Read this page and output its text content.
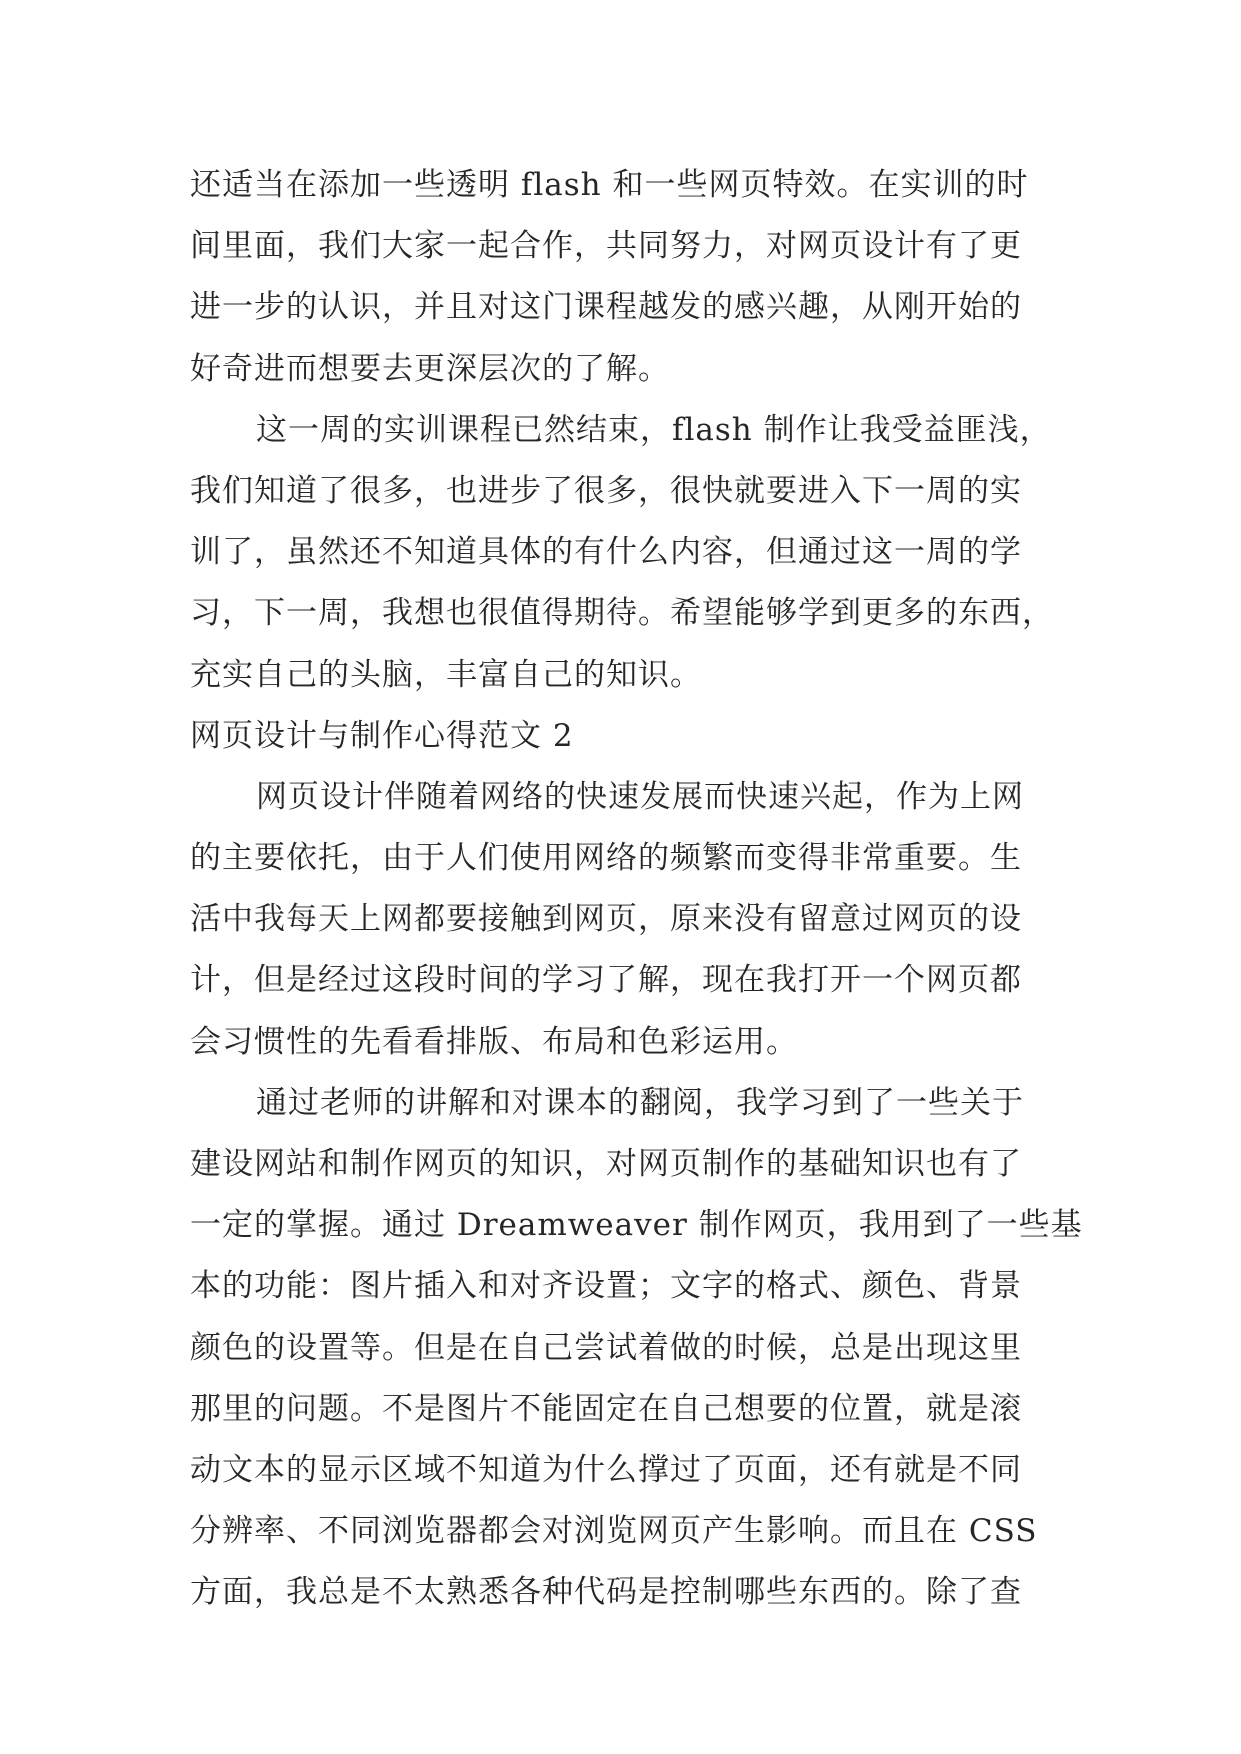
还适当在添加一些透明 flash 和一些网页特效。在实训的时
间里面，我们大家一起合作，共同努力，对网页设计有了更
进一步的认识，并且对这门课程越发的感兴趣，从刚开始的
好奇进而想要去更深层次的了解。
这一周的实训课程已然结束，flash 制作让我受益匪浅，
我们知道了很多，也进步了很多，很快就要进入下一周的实
训了，虽然还不知道具体的有什么内容，但通过这一周的学
习，下一周，我想也很值得期待。希望能够学到更多的东西，
充实自己的头脑，丰富自己的知识。
网页设计与制作心得范文 2
网页设计伴随着网络的快速发展而快速兴起，作为上网
的主要依托，由于人们使用网络的频繁而变得非常重要。生
活中我每天上网都要接触到网页，原来没有留意过网页的设
计，但是经过这段时间的学习了解，现在我打开一个网页都
会习惯性的先看看排版、布局和色彩运用。
通过老师的讲解和对课本的翻阅，我学习到了一些关于
建设网站和制作网页的知识，对网页制作的基础知识也有了
一定的掌握。通过 Dreamweaver 制作网页，我用到了一些基
本的功能：图片插入和对齐设置；文字的格式、颜色、背景
颜色的设置等。但是在自己尝试着做的时候，总是出现这里
那里的问题。不是图片不能固定在自己想要的位置，就是滚
动文本的显示区域不知道为什么撑过了页面，还有就是不同
分辨率、不同浏览器都会对浏览网页产生影响。而且在 CSS
方面，我总是不太熟悉各种代码是控制哪些东西的。除了查
